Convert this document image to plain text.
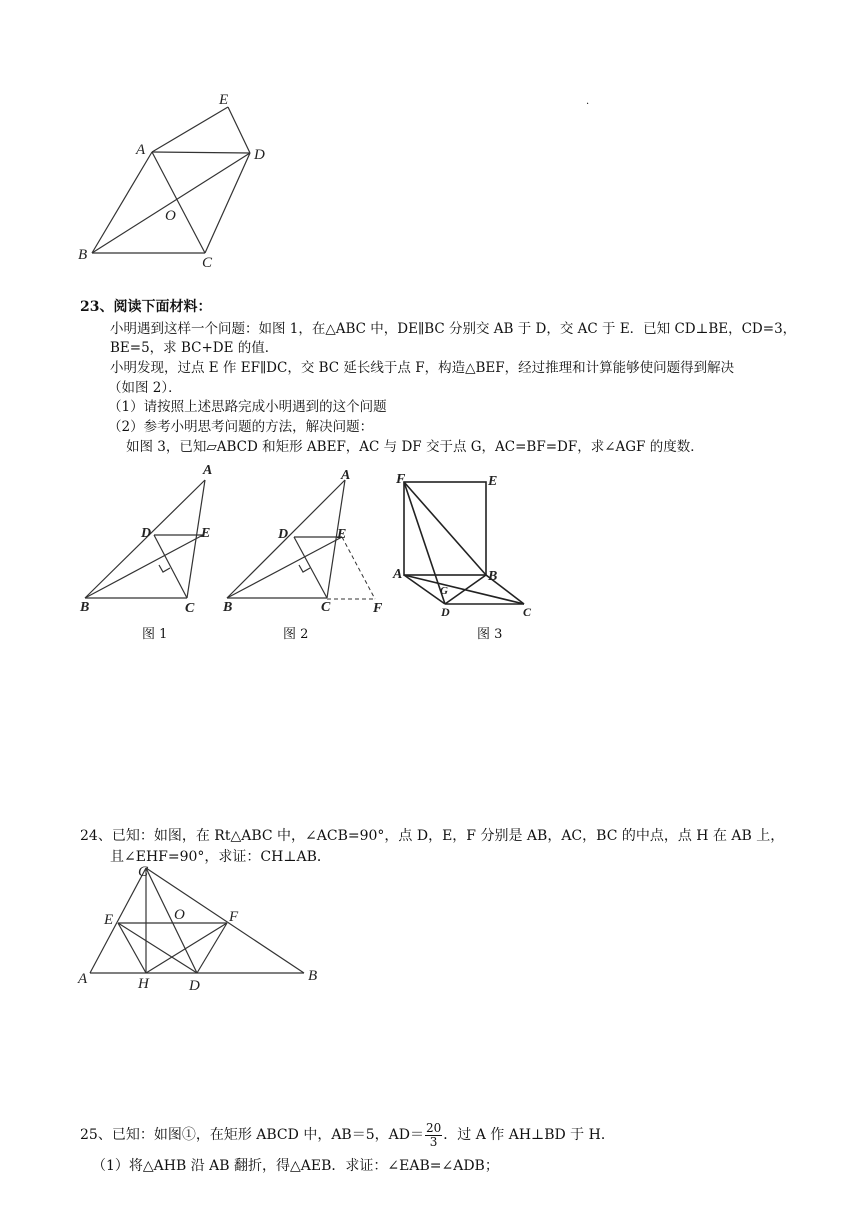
E
A	D
O
B	C
.
23、阅读下面材料：
小明遇到这样一个问题：如图 1，在△ABC 中，DE∥BC 分别交 AB 于 D，交 AC 于 E．已知 CD⊥BE，CD=3，
BE=5，求 BC+DE 的值．
小明发现，过点 E 作 EF∥DC，交 BC 延长线于点 F，构造△BEF，经过推理和计算能够使问题得到解决
（如图 2）．
（1）请按照上述思路完成小明遇到的这个问题
（2）参考小明思考问题的方法，解决问题：
如图 3，已知▱ABCD 和矩形 ABEF，AC 与 DF 交于点 G，AC=BF=DF，求∠AGF 的度数．
A
D	E
B	C
图 1
A
D	E
B	C	F
图 2
F	E
A	B
G
D	C
图 3
24、已知：如图，在 Rt△ABC 中，∠ACB=90°，点 D，E，F 分别是 AB，AC，BC 的中点，点 H 在 AB 上，
且∠EHF=90°，求证：CH⊥AB．
C
E	O	F
A	H	D
B
25、已知：如图①，在矩形 ABCD 中，AB＝5，$AD= \frac{20}{3}$ ．过 A 作 AH⊥BD 于 H．
（1）将△AHB 沿 AB 翻折，得△AEB．求证：∠EAB=∠ADB；
